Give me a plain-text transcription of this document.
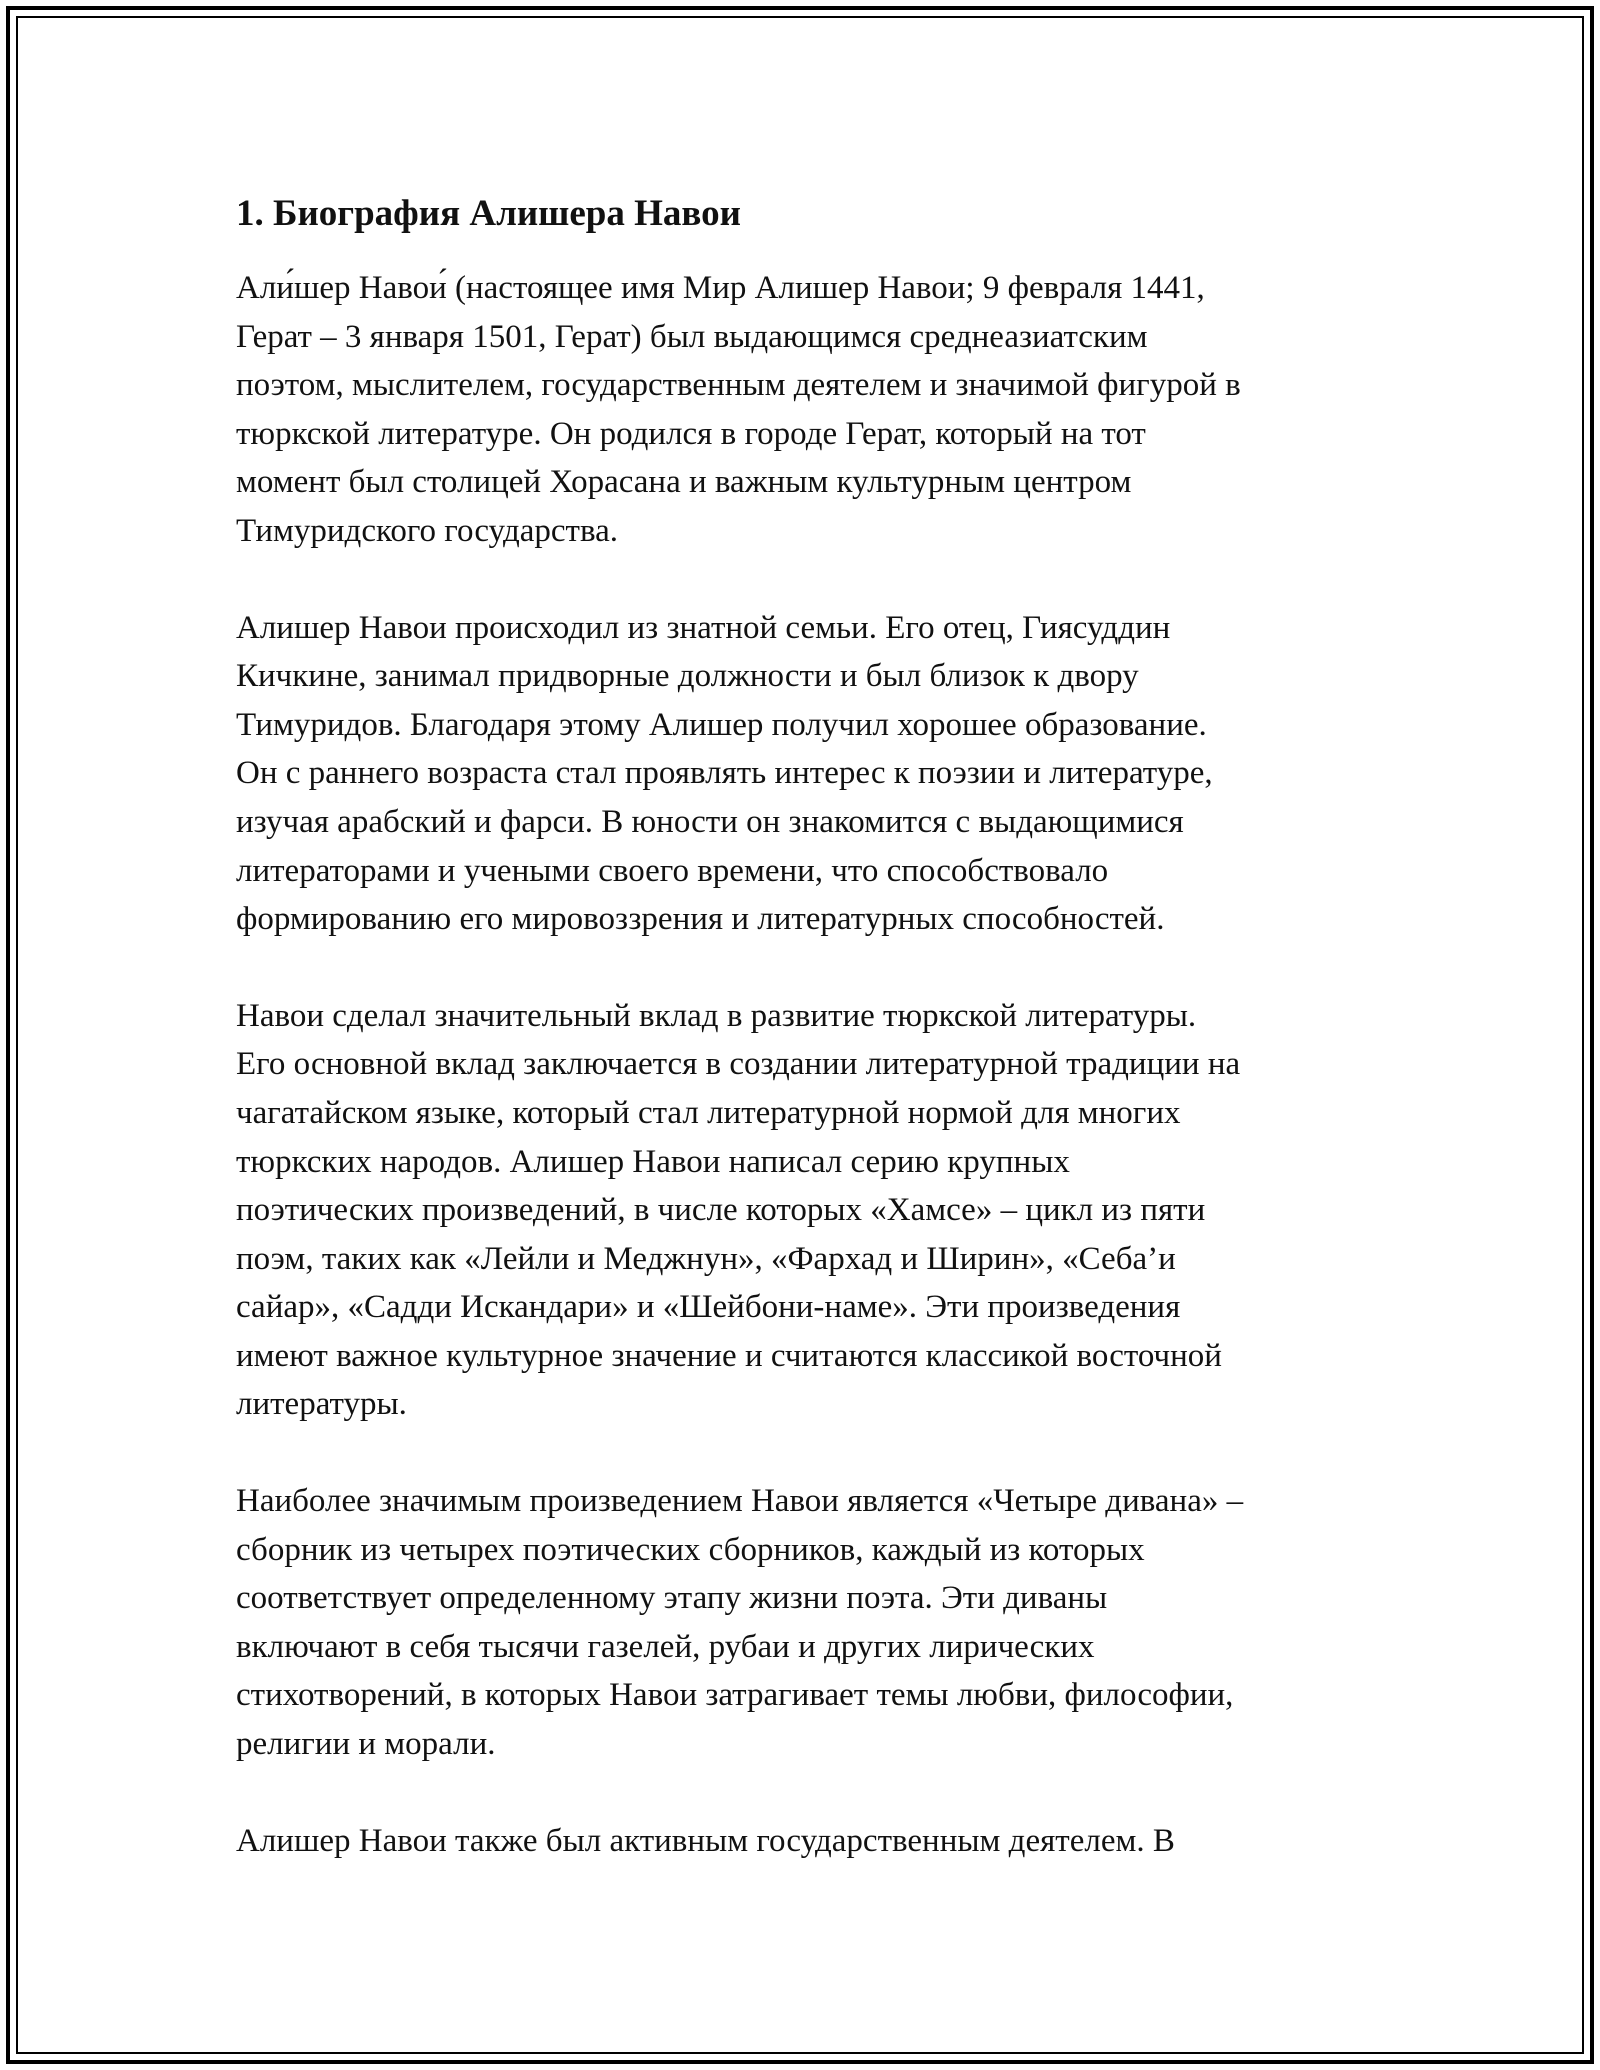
1. Биография Алишера Навои

Али́шер Навои́ (настоящее имя Мир Алишер Навои; 9 февраля 1441,
Герат – 3 января 1501, Герат) был выдающимся среднеазиатским
поэтом, мыслителем, государственным деятелем и значимой фигурой в
тюркской литературе. Он родился в городе Герат, который на тот
момент был столицей Хорасана и важным культурным центром
Тимуридского государства.

Алишер Навои происходил из знатной семьи. Его отец, Гиясуддин
Кичкине, занимал придворные должности и был близок к двору
Тимуридов. Благодаря этому Алишер получил хорошее образование.
Он с раннего возраста стал проявлять интерес к поэзии и литературе,
изучая арабский и фарси. В юности он знакомится с выдающимися
литераторами и учеными своего времени, что способствовало
формированию его мировоззрения и литературных способностей.

Навои сделал значительный вклад в развитие тюркской литературы.
Его основной вклад заключается в создании литературной традиции на
чагатайском языке, который стал литературной нормой для многих
тюркских народов. Алишер Навои написал серию крупных
поэтических произведений, в числе которых «Хамсе» – цикл из пяти
поэм, таких как «Лейли и Меджнун», «Фархад и Ширин», «Себа’и
сайар», «Садди Искандари» и «Шейбони-наме». Эти произведения
имеют важное культурное значение и считаются классикой восточной
литературы.

Наиболее значимым произведением Навои является «Четыре дивана» –
сборник из четырех поэтических сборников, каждый из которых
соответствует определенному этапу жизни поэта. Эти диваны
включают в себя тысячи газелей, рубаи и других лирических
стихотворений, в которых Навои затрагивает темы любви, философии,
религии и морали.

Алишер Навои также был активным государственным деятелем. В
